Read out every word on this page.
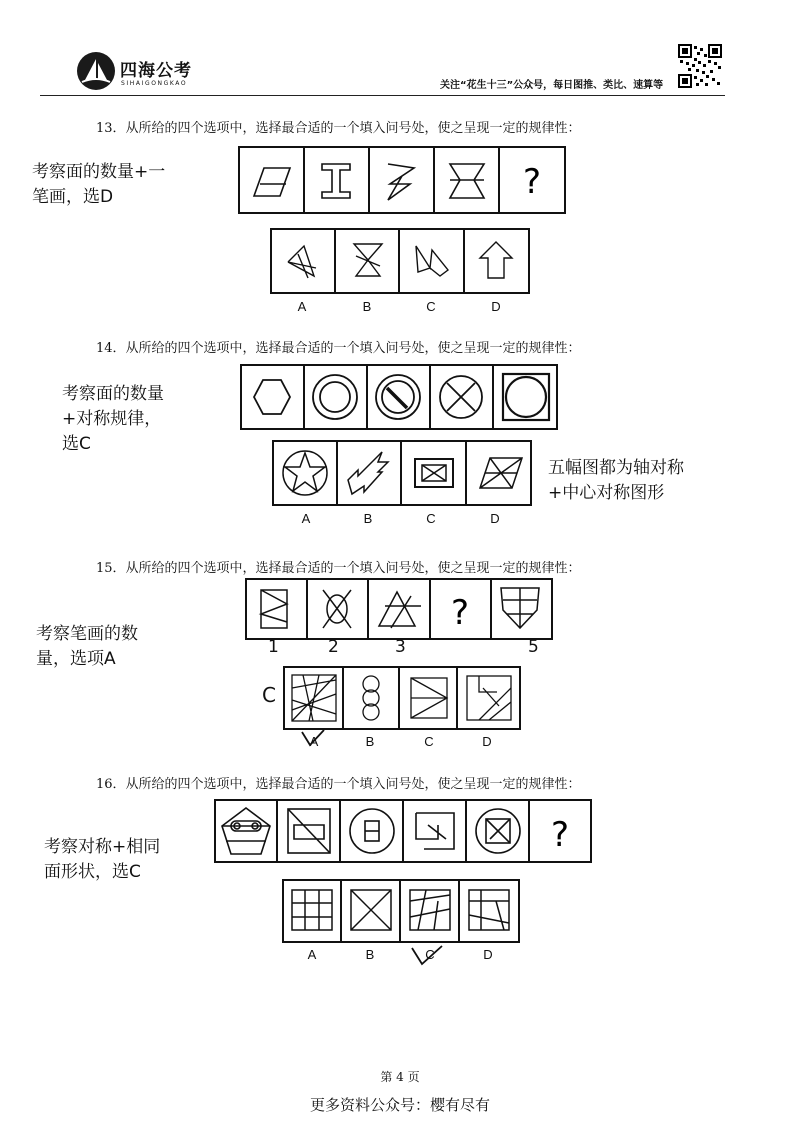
四海公考
SIHAIGONGKAO	关注“花生十三”公众号，每日图推、类比、速算等
13．从所给的四个选项中，选择最合适的一个填入问号处，使之呈现一定的规律性：
考察面的数量+一
笔画，选D	?
A	B	C	D
14．从所给的四个选项中，选择最合适的一个填入问号处，使之呈现一定的规律性：
考察面的数量
+对称规律，
选C
A	B	C	D
五幅图都为轴对称
+中心对称图形
15．从所给的四个选项中，选择最合适的一个填入问号处，使之呈现一定的规律性：
考察笔画的数
量，选项A
?
1	2	3	5
C
A	B	C	D
16．从所给的四个选项中，选择最合适的一个填入问号处，使之呈现一定的规律性：
考察对称+相同
面形状，选C
?
A	B	C	D
第 4 页
更多资料公众号：樱有尽有
